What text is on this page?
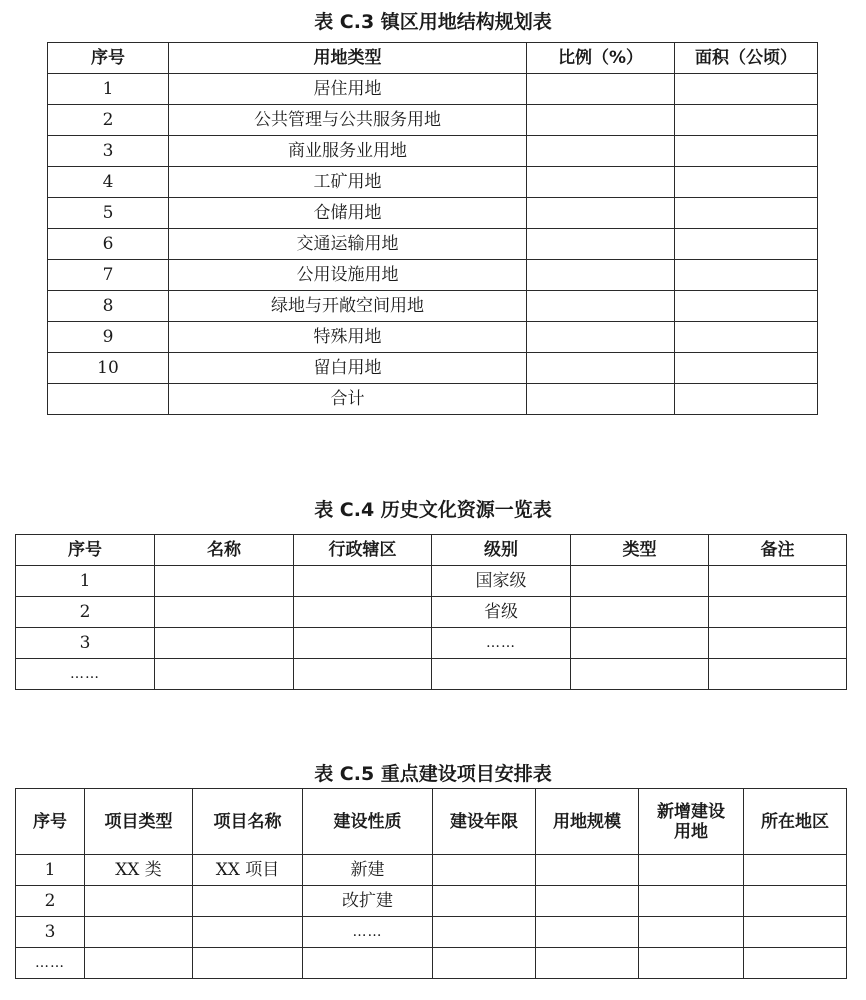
表 C.3 镇区用地结构规划表
序号	用地类型	比例（%）	面积（公顷）
1	居住用地		
2	公共管理与公共服务用地		
3	商业服务业用地		
4	工矿用地		
5	仓储用地		
6	交通运输用地		
7	公用设施用地		
8	绿地与开敞空间用地		
9	特殊用地		
10	留白用地		
	合计		
表 C.4 历史文化资源一览表
序号	名称	行政辖区	级别	类型	备注
1			国家级		
2			省级		
3			……		
……					
表 C.5 重点建设项目安排表
序号	项目类型	项目名称	建设性质	建设年限	用地规模	新增建设用地	所在地区
1	XX 类	XX 项目	新建				
2			改扩建				
3			……				
……							
